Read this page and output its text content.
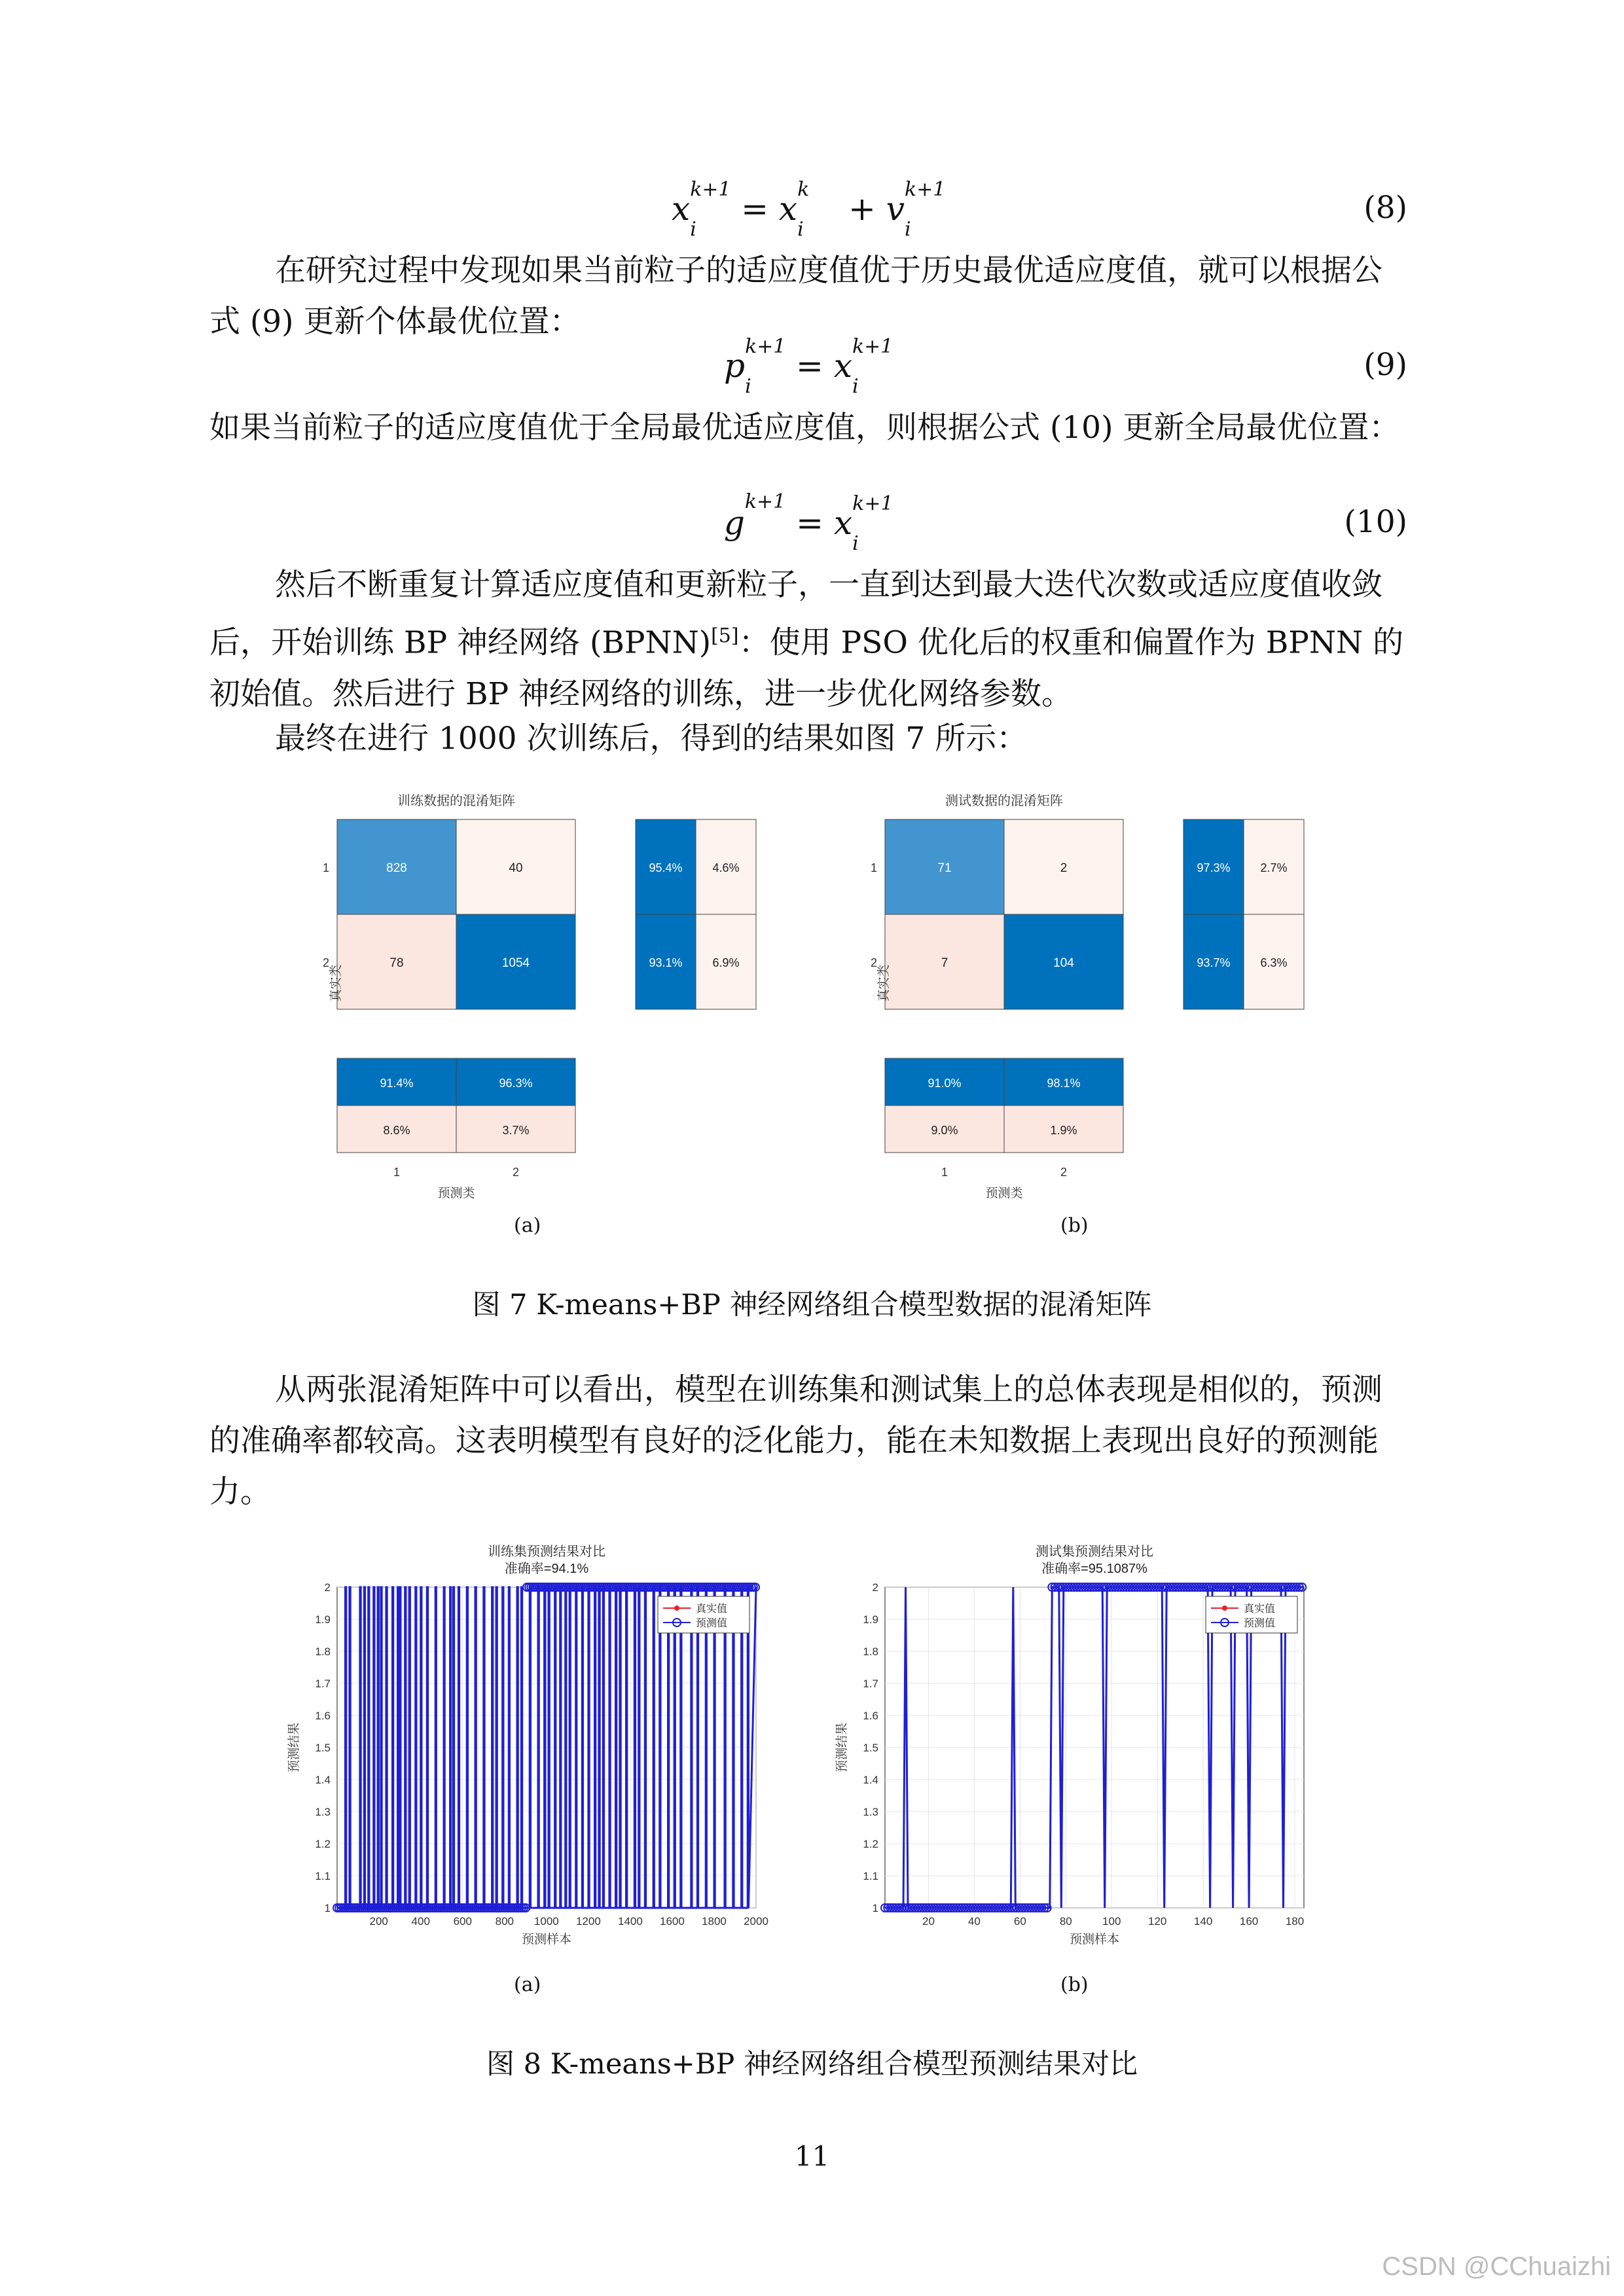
x
k+1
i
= x
k
i
+ v
k+1
i
(8)

在研究过程中发现如果当前粒子的适应度值优于历史最优适应度值，就可以根据公式 (9) 更新个体最优位置：

p
k+1
i
= x
k+1
i
(9)

如果当前粒子的适应度值优于全局最优适应度值，则根据公式 (10) 更新全局最优位置：

$g^{k+1} = x$
k+1
i
(10)

然后不断重复计算适应度值和更新粒子，一直到达到最大迭代次数或适应度值收敛后，开始训练 BP 神经网络 (BPNN)[5]：使用 PSO 优化后的权重和偏置作为 BPNN 的初始值。然后进行 BP 神经网络的训练，进一步优化网络参数。

最终在进行 1000 次训练后，得到的结果如图 7 所示：

训练数据的混淆矩阵
828	40
78	1054
1
2
真实类
95.4%	4.6%
93.1%	6.9%
91.4%	96.3%
8.6%	3.7%
1	2
预测类
测试数据的混淆矩阵
71	2
7	104
1
2
真实类
97.3%	2.7%
93.7%	6.3%
91.0%	98.1%
9.0%	1.9%
1	2
预测类
(a)	(b)
图 7 K-means+BP 神经网络组合模型数据的混淆矩阵

从两张混淆矩阵中可以看出，模型在训练集和测试集上的总体表现是相似的，预测的准确率都较高。这表明模型有良好的泛化能力，能在未知数据上表现出良好的预测能力。

训练集预测结果对比
准确率=94.1%
1
1.1
1.2
1.3
1.4
1.5
1.6
1.7
1.8
1.9
2
200 400 600 800 1000 1200 1400 1600 1800 2000
预测样本
预测结果
真实值
预测值
测试集预测结果对比
准确率=95.1087%
1
1.1
1.2
1.3
1.4
1.5
1.6
1.7
1.8
1.9
2
20	40	60	80	100 120 140 160 180
预测样本
预测结果
真实值
预测值
(a)	(b)
图 8 K-means+BP 神经网络组合模型预测结果对比
11
CSDN @CChuaizhi
